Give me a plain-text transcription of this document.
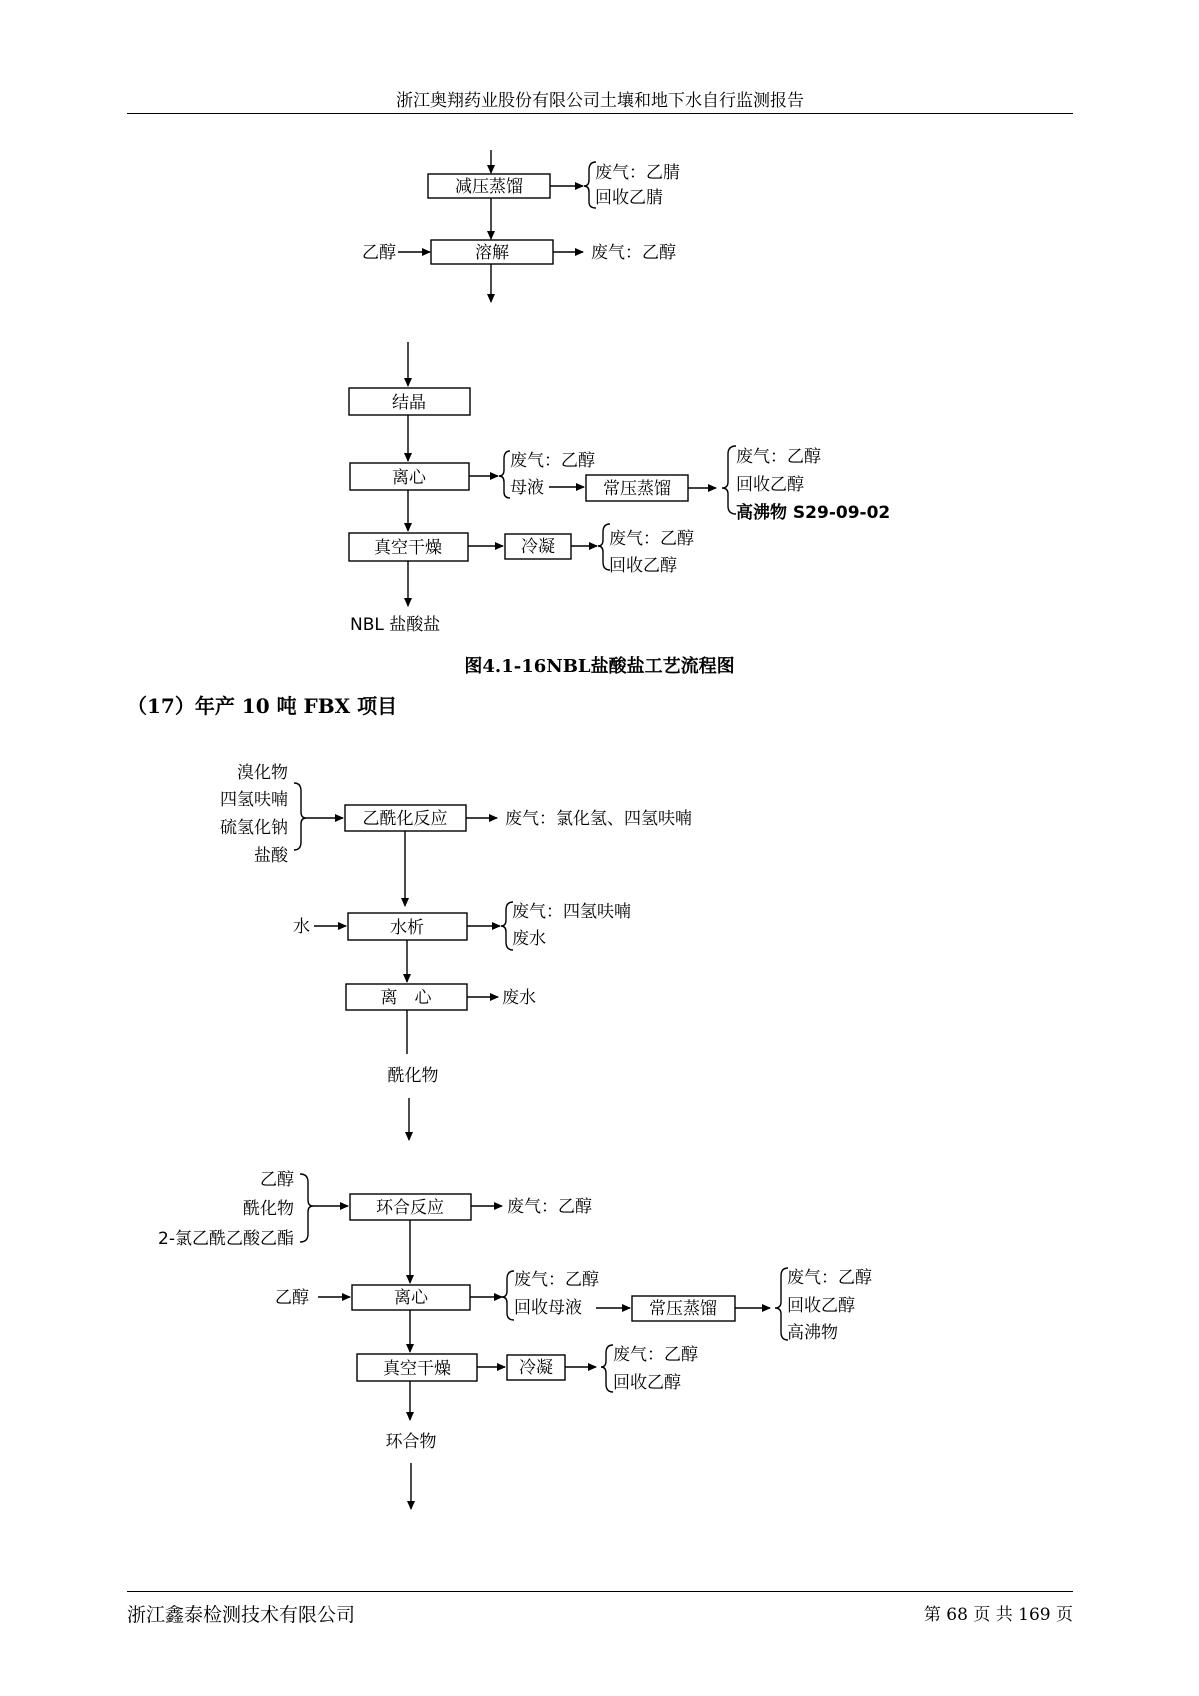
浙江奥翔药业股份有限公司土壤和地下水自行监测报告
减压蒸馏
废气：乙腈
回收乙腈
乙醇	溶解	废气：乙醇
结晶
离心
废气：乙醇
母液	常压蒸馏
废气：乙醇
回收乙醇
高沸物 S29-09-02
真空干燥	冷凝	废气：乙醇
回收乙醇
NBL 盐酸盐
溴化物
四氢呋喃
硫氢化钠
盐酸
乙酰化反应	废气：氯化氢、四氢呋喃
水	水析
废气：四氢呋喃
废水
离　心	废水
酰化物
乙醇
酰化物
2-氯乙酰乙酸乙酯
环合反应	废气：乙醇
乙醇	离心
废气：乙醇
回收母液	常压蒸馏
废气：乙醇
回收乙醇
高沸物
真空干燥	冷凝
废气：乙醇
回收乙醇
环合物
图4.1-16NBL盐酸盐工艺流程图
（17）年产 10 吨 FBX 项目
浙江鑫泰检测技术有限公司	第 68 页 共 169 页
